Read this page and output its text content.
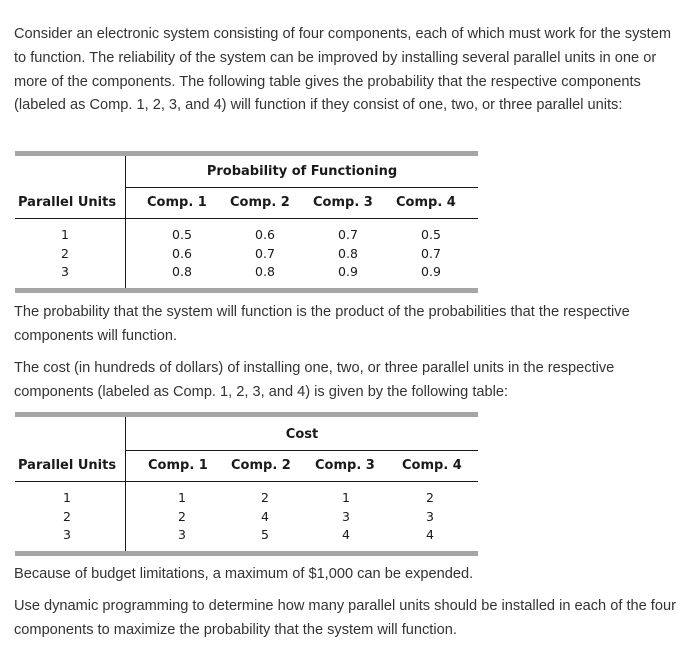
Consider an electronic system consisting of four components, each of which must work for the system to function. The reliability of the system can be improved by installing several parallel units in one or more of the components. The following table gives the probability that the respective components (labeled as Comp. 1, 2, 3, and 4) will function if they consist of one, two, or three parallel units:

Probability of Functioning
Parallel Units Comp. 1 Comp. 2 Comp. 3 Comp. 4
1
2
3
0.5
0.6
0.8
0.6
0.7
0.8
0.7
0.8
0.9
0.5
0.7
0.9

The probability that the system will function is the product of the probabilities that the respective components will function.

The cost (in hundreds of dollars) of installing one, two, or three parallel units in the respective components (labeled as Comp. 1, 2, 3, and 4) is given by the following table:

Cost
Parallel Units Comp. 1 Comp. 2 Comp. 3 Comp. 4
1
2
3
1
2
3
2
4
5
1
3
4
2
3
4

Because of budget limitations, a maximum of $1,000 can be expended.

Use dynamic programming to determine how many parallel units should be installed in each of the four components to maximize the probability that the system will function.
